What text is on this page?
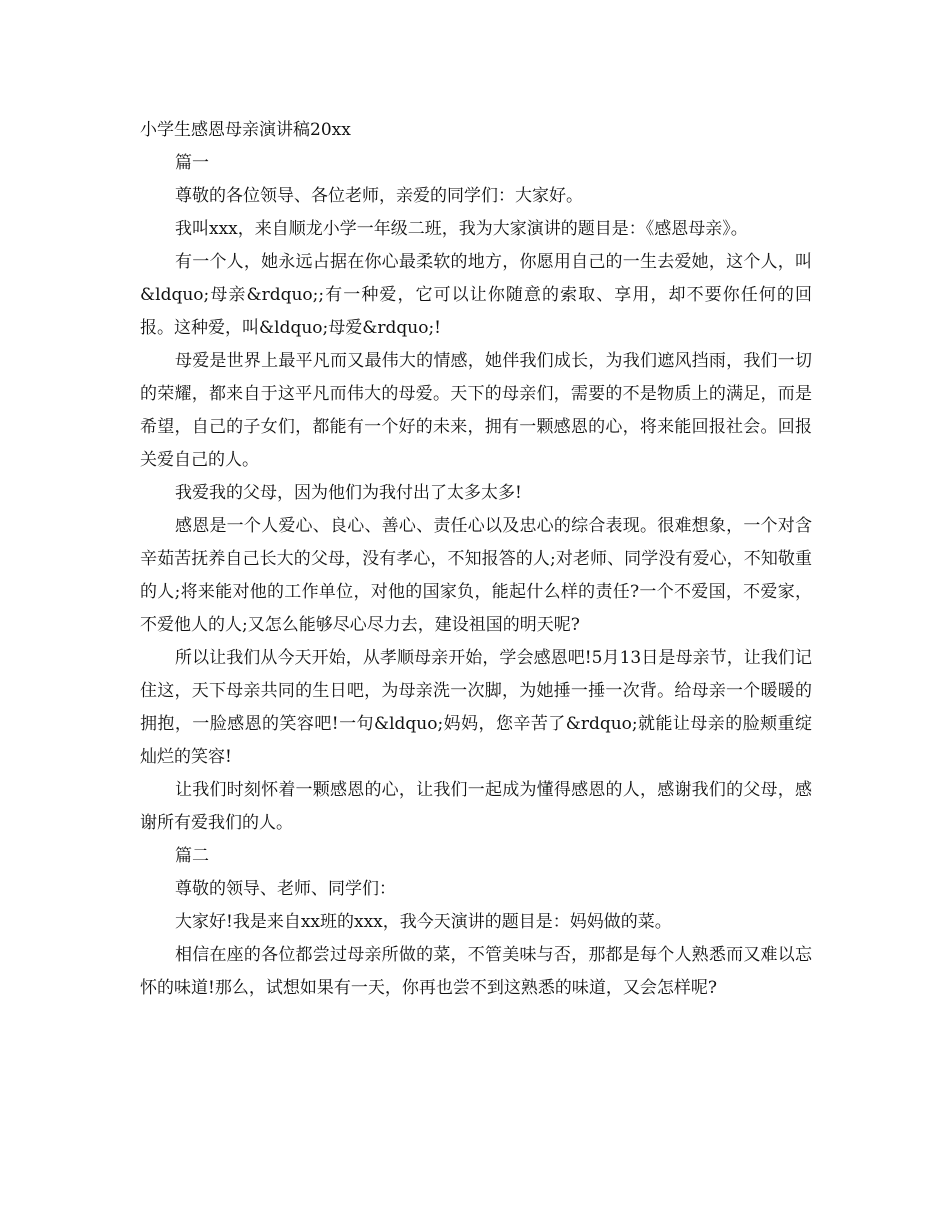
小学生感恩母亲演讲稿20xx

篇一

尊敬的各位领导、各位老师，亲爱的同学们：大家好。

我叫xxx，来自顺龙小学一年级二班，我为大家演讲的题目是：《感恩母亲》。

有一个人，她永远占据在你心最柔软的地方，你愿用自己的一生去爱她，这个人，叫&ldquo;母亲&rdquo;;有一种爱，它可以让你随意的索取、享用，却不要你任何的回报。这种爱，叫&ldquo;母爱&rdquo;!

母爱是世界上最平凡而又最伟大的情感，她伴我们成长，为我们遮风挡雨，我们一切的荣耀，都来自于这平凡而伟大的母爱。天下的母亲们，需要的不是物质上的满足，而是希望，自己的子女们，都能有一个好的未来，拥有一颗感恩的心，将来能回报社会。回报关爱自己的人。

我爱我的父母，因为他们为我付出了太多太多!

感恩是一个人爱心、良心、善心、责任心以及忠心的综合表现。很难想象，一个对含辛茹苦抚养自己长大的父母，没有孝心，不知报答的人;对老师、同学没有爱心，不知敬重的人;将来能对他的工作单位，对他的国家负，能起什么样的责任?一个不爱国，不爱家，不爱他人的人;又怎么能够尽心尽力去，建设祖国的明天呢?

所以让我们从今天开始，从孝顺母亲开始，学会感恩吧!5月13日是母亲节，让我们记住这，天下母亲共同的生日吧，为母亲洗一次脚，为她捶一捶一次背。给母亲一个暖暖的拥抱，一脸感恩的笑容吧!一句&ldquo;妈妈，您辛苦了&rdquo;就能让母亲的脸颊重绽灿烂的笑容!

让我们时刻怀着一颗感恩的心，让我们一起成为懂得感恩的人，感谢我们的父母，感谢所有爱我们的人。

篇二

尊敬的领导、老师、同学们：

大家好!我是来自xx班的xxx，我今天演讲的题目是：妈妈做的菜。

相信在座的各位都尝过母亲所做的菜，不管美味与否，那都是每个人熟悉而又难以忘怀的味道!那么，试想如果有一天，你再也尝不到这熟悉的味道，又会怎样呢?
